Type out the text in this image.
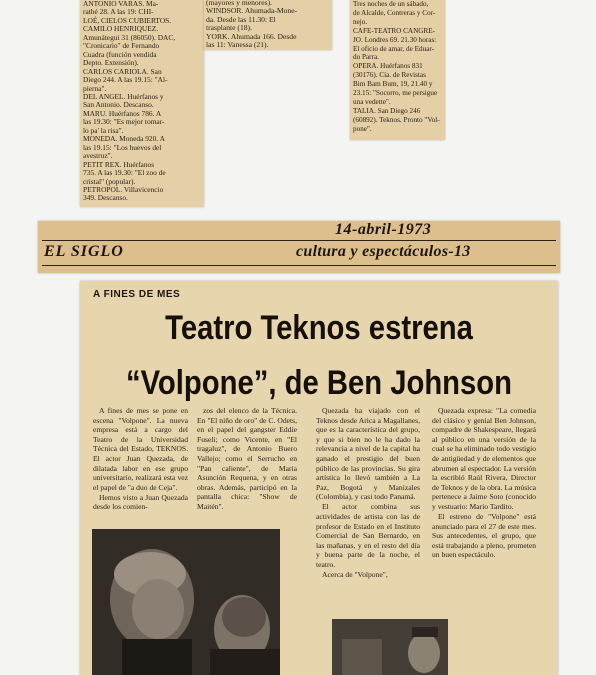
ANTONIO VARAS. Ma-
rathé 28. A las 19: CHI-
LOÉ, CIELOS CUBIERTOS.
CAMILO HENRIQUEZ.
Amunátegui 31 (86050). DAC,
"Cronicario" de Fernando
Cuadra (función vendida
Depto. Extensión).
CARLOS CARIOLA. San
Diego 244. A las 19.15: "Al-
pierna".
DEL ANGEL. Huérfanos y
San Antonio. Descanso.
MARU. Huérfanos 786. A
las 19.30: "Es mejor tomar-
lo pa' la risa".
MONEDA. Moneda 920. A
las 19.15: "Los huevos del
avestruz".
PETIT REX. Huérfanos
735. A las 19.30: "El zoo de
cristal" (popular).
PETROPOL. Villavicencio
349. Descanso.
(mayores y menores).
WINDSOR. Ahumada-Mone-
da. Desde las 11.30: El
trasplante (18).
YORK. Ahumada 166. Desde
las 11: Vanessa (21).
Tres noches de un sábado,
de Alcalde, Contreras y Cor-
nejo.
CAFE-TEATRO CANGRE-
JO. Londres 69. 21.30 horas:
El oficio de amar, de Eduar-
do Parra.
OPERA. Huérfanos 831
(30176). Cía. de Revistas
Bim Bam Bum, 19, 21.40 y
23.15: "Socorro, me persigue
una vedette".
TALIA. San Diego 246
(60892). Teknos. Pronto "Vol-
pone".
14-abril-1973
EL SIGLO	cultura y espectáculos-13
A FINES DE MES
Teatro Teknos estrena
“Volpone”, de Ben Johnson

A fines de mes se pone en escena "Volpone". La nueva empresa está a cargo del Teatro de la Universidad Técnica del Estado, TEKNOS. El actor Juan Quezada, de dilatada labor en ese grupo universitario, realizará esta vez el papel de "a duo de Ceja".

Hemos visto a Juan Quezada desde los comien-

zos del elenco de la Técnica. En "El niño de oro" de C. Odets, en el papel del gangster Eddie Fuseli; como Vicente, en "El tragaluz", de Antonio Buero Vallejo; como el Serrucho en "Pan caliente", de María Asunción Requena, y en otras obras. Además, participó en la pantalla chica: "Show de Maitén".

Quezada ha viajado con el Teknos desde Arica a Magallanes, que es la característica del grupo, y que si bien no le ha dado la relevancia a nivel de la capital ha ganado el prestigio del buen público de las provincias. Su gira artística lo llevó también a La Paz, Bogotá y Manizales (Colombia), y casi todo Panamá.

El actor combina sus actividades de artista con las de profesor de Estado en el Instituto Comercial de San Bernardo, en las mañanas, y en el resto del día y buena parte de la noche, el teatro.

Acerca de "Volpone",

Quezada expresa: "La comedia del clásico y genial Ben Johnson, compadre de Shakespeare, llegará al público en una versión de la cual se ha eliminado todo vestigio de antigüedad y de elementos que abrumen al espectador. La versión la escribió Raúl Rivera, Director de Teknos y de la obra. La música pertenece a Jaime Soto (conocido y vestuario: Mario Tardito.

El estreno de "Volpone" está anunciado para el 27 de este mes. Sus antecedentes, el grupo, que está trabajando a pleno, prometen un buen espectáculo.
